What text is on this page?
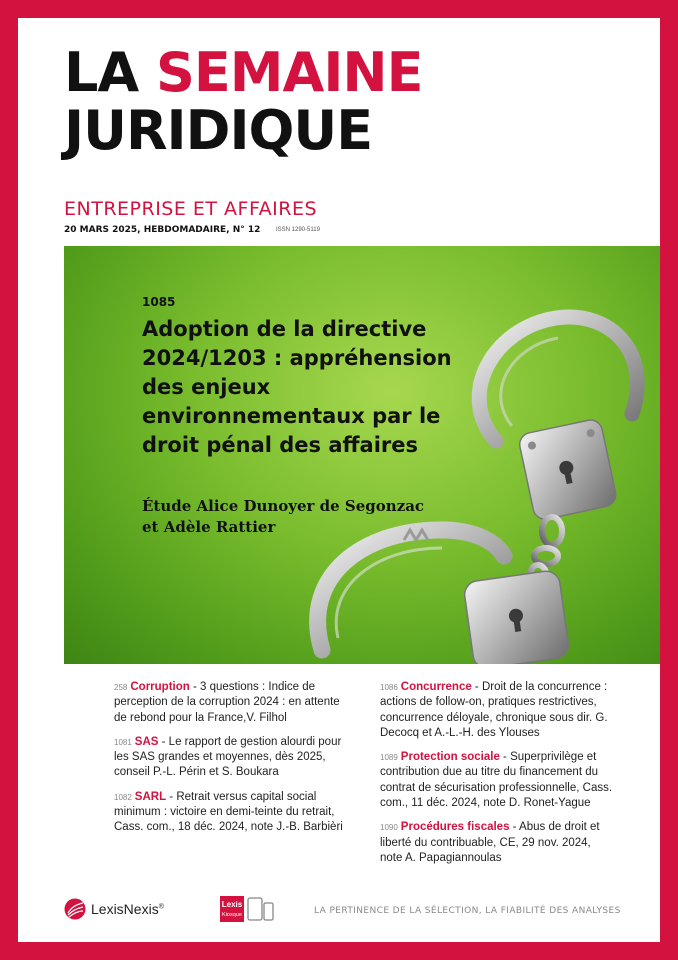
LA SEMAINE
JURIDIQUE
ENTREPRISE ET AFFAIRES
20 MARS 2025, HEBDOMADAIRE, N° 12	ISSN 1290-5119
1085
Adoption de la directive 2024/1203 : appréhension des enjeux environnementaux par le droit pénal des affaires
Étude Alice Dunoyer de Segonzac et Adèle Rattier
258 Corruption - 3 questions : Indice de perception de la corruption 2024 : en attente de rebond pour la France,V. Filhol
1081 SAS - Le rapport de gestion alourdi pour les SAS grandes et moyennes, dès 2025, conseil P.-L. Périn et S. Boukara
1082 SARL - Retrait versus capital social minimum : victoire en demi-teinte du retrait, Cass. com., 18 déc. 2024, note J.-B. Barbièri
1086 Concurrence - Droit de la concurrence : actions de follow-on, pratiques restrictives, concurrence déloyale, chronique sous dir. G. Decocq et A.-L.-H. des Ylouses
1089 Protection sociale - Superprivilège et contribution due au titre du financement du contrat de sécurisation professionnelle, Cass. com., 11 déc. 2024, note D. Ronet-Yague
1090 Procédures fiscales - Abus de droit et liberté du contribuable, CE, 29 nov. 2024, note A. Papagiannoulas
LexisNexis®	Lexis
Kiosque	LA PERTINENCE DE LA SÉLECTION, LA FIABILITÉ DES ANALYSES
